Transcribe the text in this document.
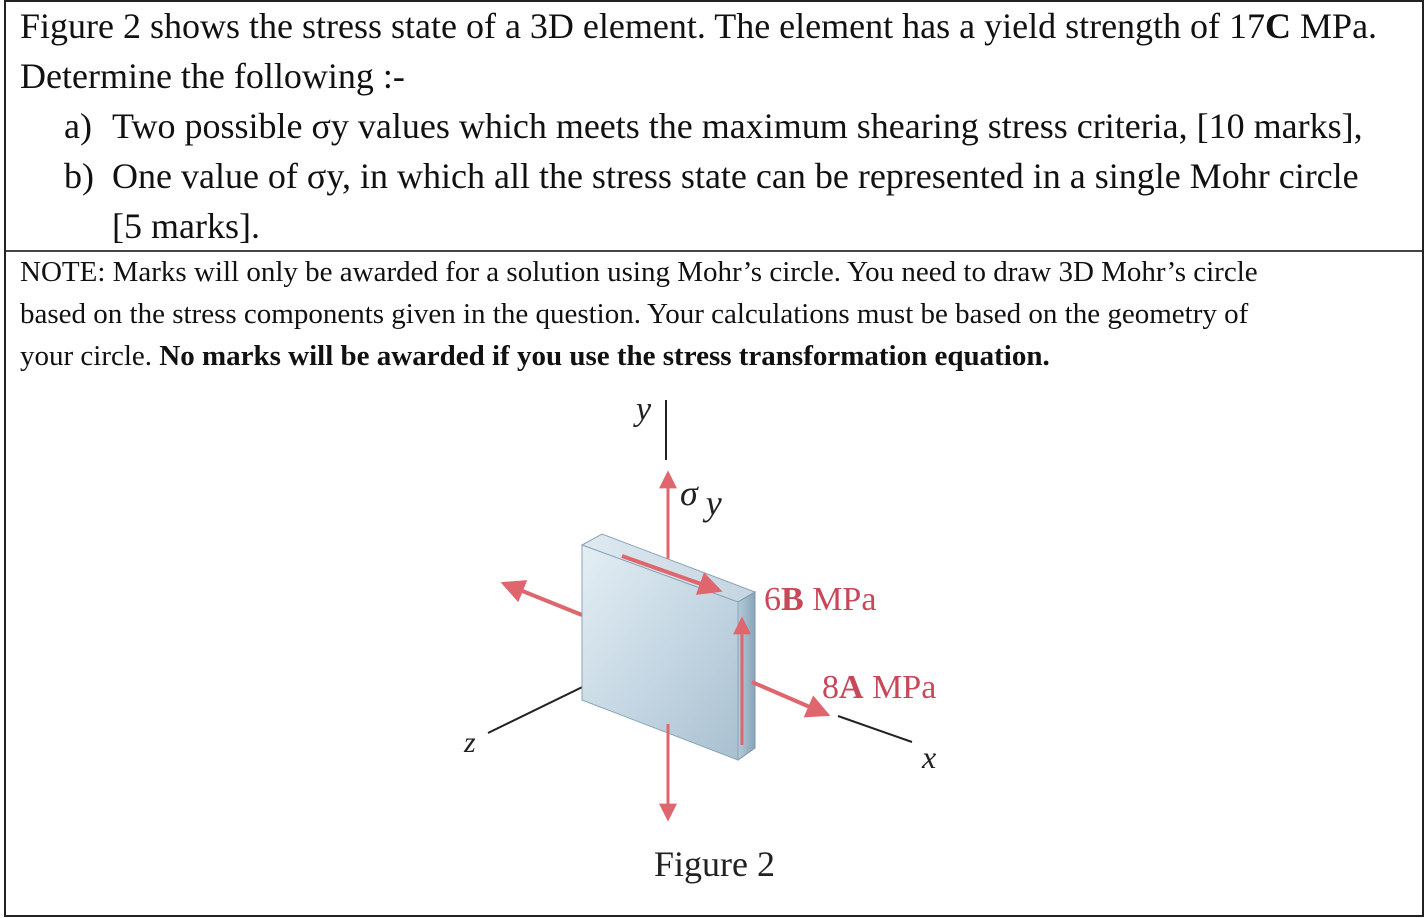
Figure 2 shows the stress state of a 3D element. The element has a yield strength of 17C MPa.
Determine the following :-
a) Two possible σy values which meets the maximum shearing stress criteria, [10 marks],
b) One value of σy, in which all the stress state can be represented in a single Mohr circle
[5 marks].
NOTE: Marks will only be awarded for a solution using Mohr’s circle. You need to draw 3D Mohr’s circle
based on the stress components given in the question. Your calculations must be based on the geometry of
your circle. No marks will be awarded if you use the stress transformation equation.
y
σ y
z	x
6B MPa
8A MPa
Figure 2
